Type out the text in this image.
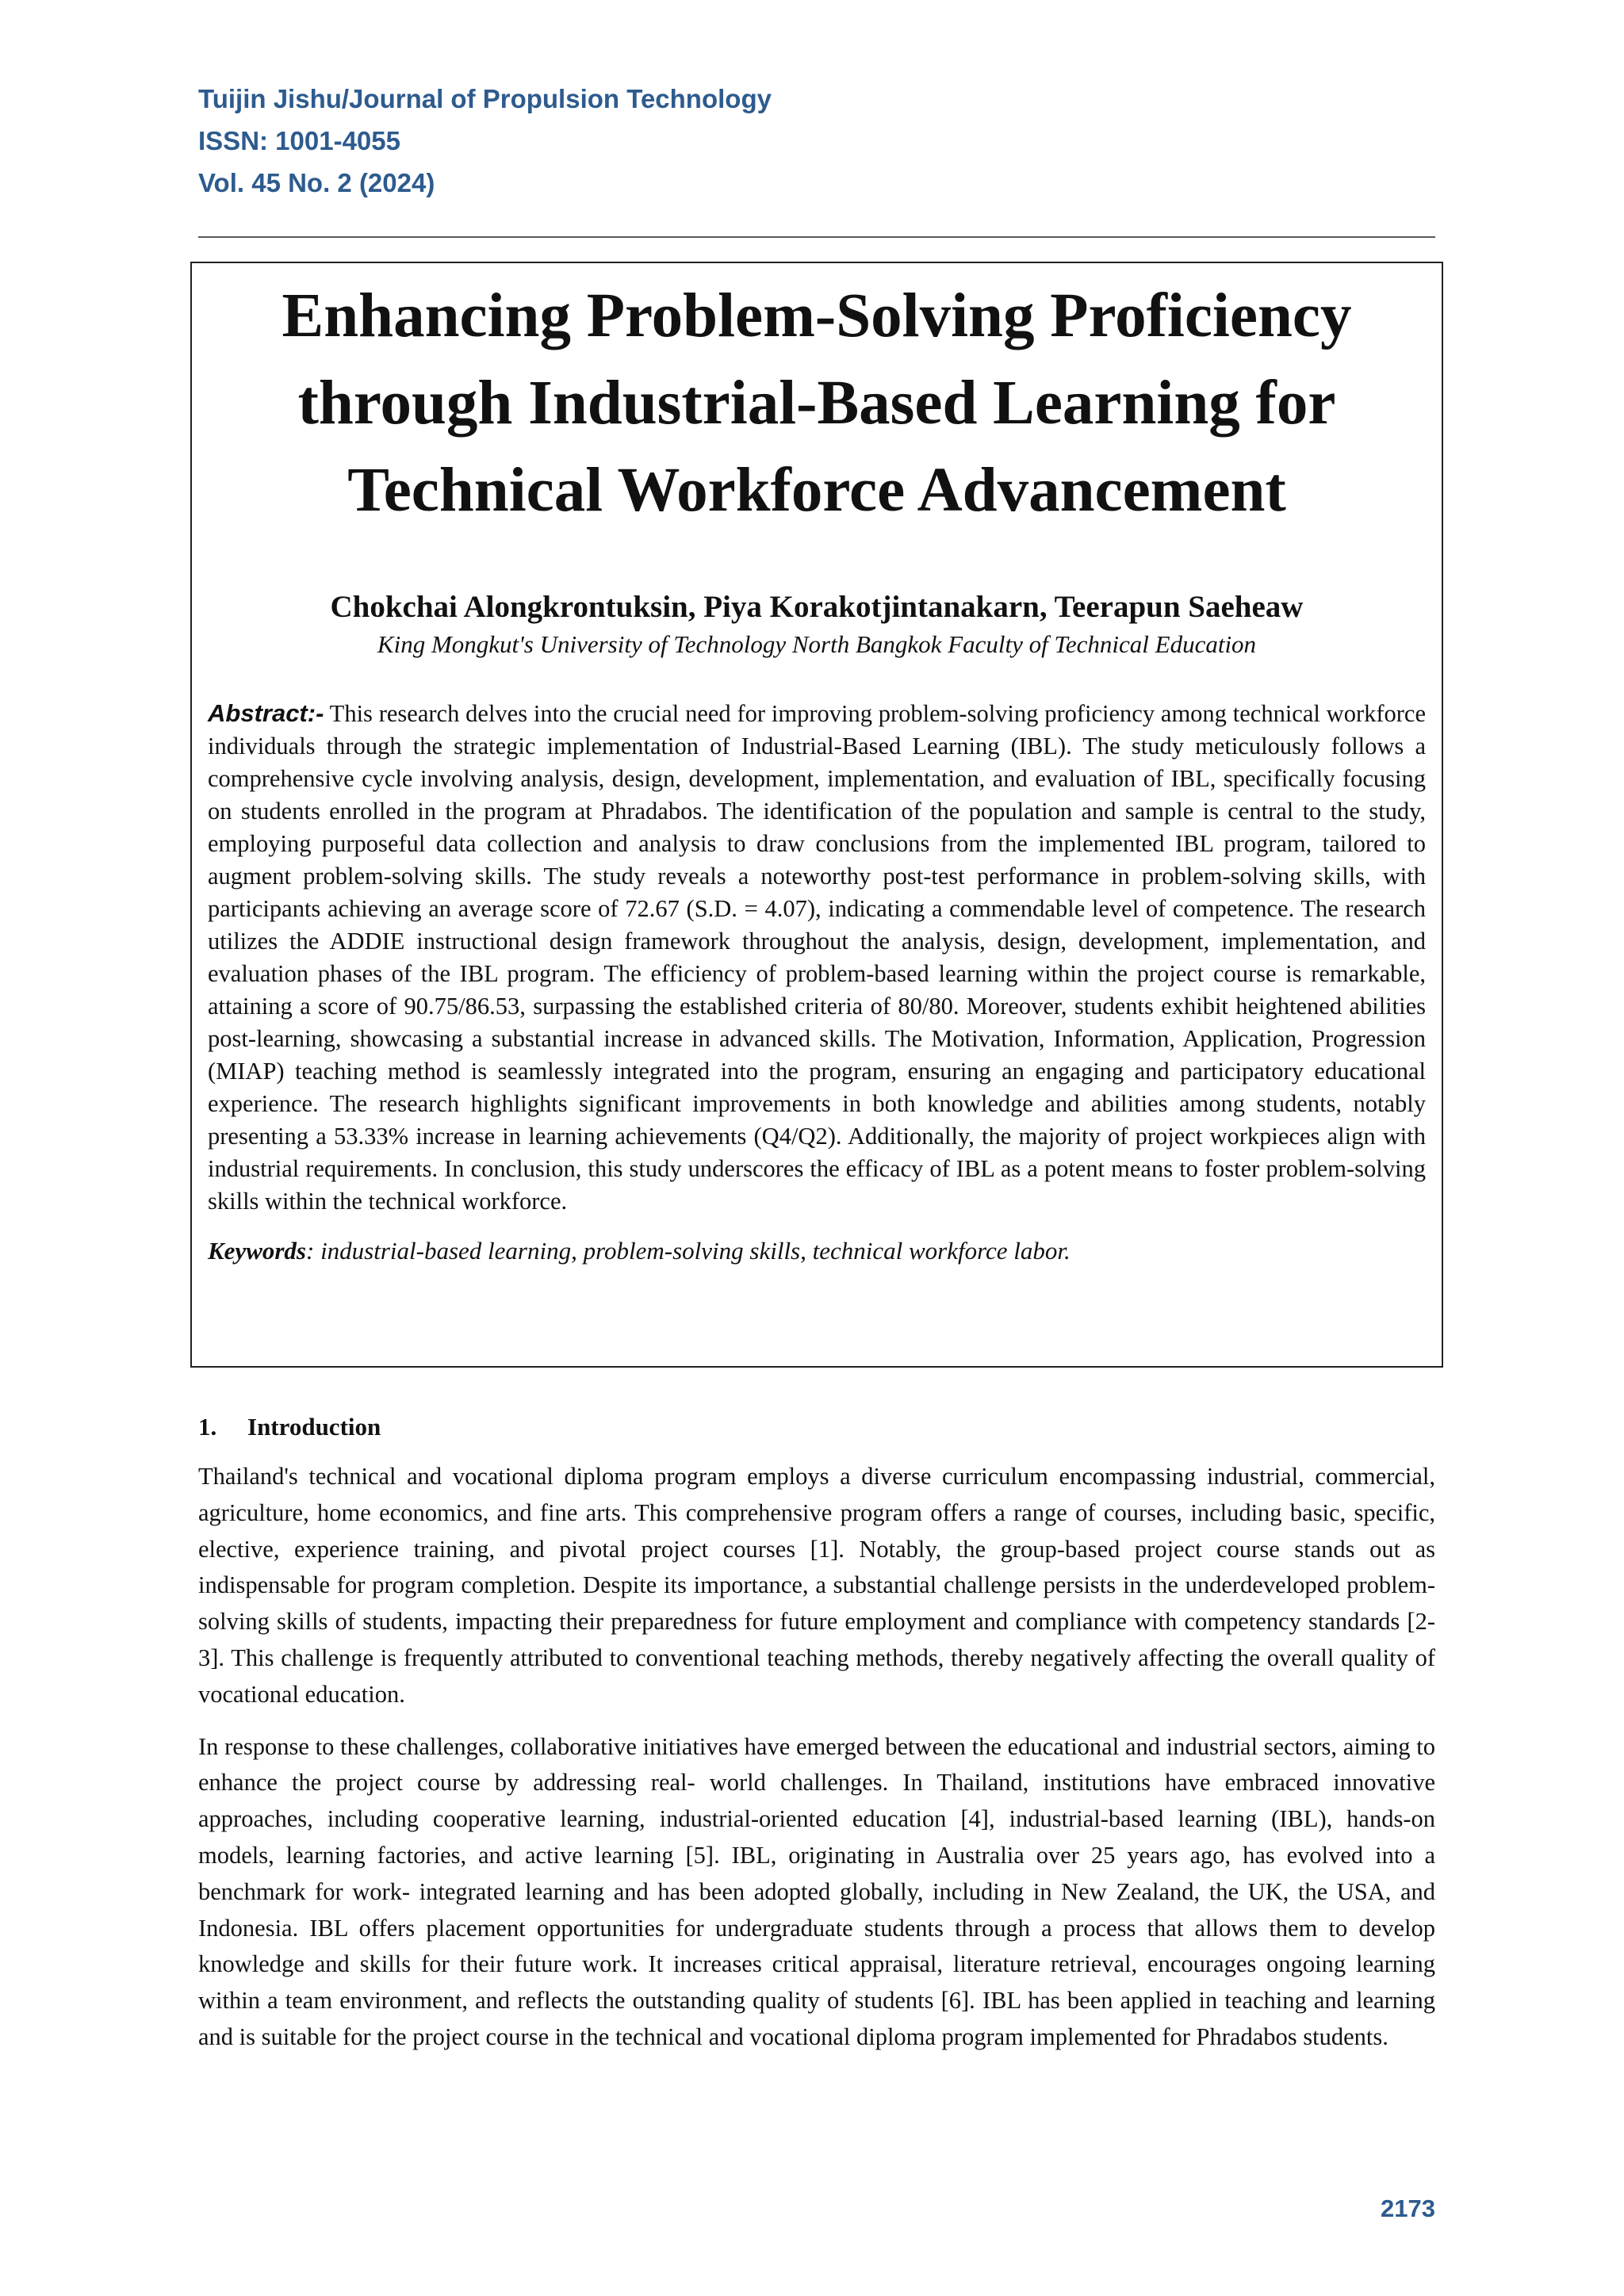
Tuijin Jishu/Journal of Propulsion Technology
ISSN: 1001-4055
Vol. 45 No. 2 (2024)
Enhancing Problem-Solving Proficiency through Industrial-Based Learning for Technical Workforce Advancement
Chokchai Alongkrontuksin, Piya Korakotjintanakarn, Teerapun Saeheaw
King Mongkut's University of Technology North Bangkok Faculty of Technical Education
Abstract:- This research delves into the crucial need for improving problem-solving proficiency among technical workforce individuals through the strategic implementation of Industrial-Based Learning (IBL). The study meticulously follows a comprehensive cycle involving analysis, design, development, implementation, and evaluation of IBL, specifically focusing on students enrolled in the program at Phradabos. The identification of the population and sample is central to the study, employing purposeful data collection and analysis to draw conclusions from the implemented IBL program, tailored to augment problem-solving skills. The study reveals a noteworthy post-test performance in problem-solving skills, with participants achieving an average score of 72.67 (S.D. = 4.07), indicating a commendable level of competence. The research utilizes the ADDIE instructional design framework throughout the analysis, design, development, implementation, and evaluation phases of the IBL program. The efficiency of problem-based learning within the project course is remarkable, attaining a score of 90.75/86.53, surpassing the established criteria of 80/80. Moreover, students exhibit heightened abilities post-learning, showcasing a substantial increase in advanced skills. The Motivation, Information, Application, Progression (MIAP) teaching method is seamlessly integrated into the program, ensuring an engaging and participatory educational experience. The research highlights significant improvements in both knowledge and abilities among students, notably presenting a 53.33% increase in learning achievements (Q4/Q2). Additionally, the majority of project workpieces align with industrial requirements. In conclusion, this study underscores the efficacy of IBL as a potent means to foster problem-solving skills within the technical workforce.
Keywords: industrial-based learning, problem-solving skills, technical workforce labor.
1. Introduction

Thailand's technical and vocational diploma program employs a diverse curriculum encompassing industrial, commercial, agriculture, home economics, and fine arts. This comprehensive program offers a range of courses, including basic, specific, elective, experience training, and pivotal project courses [1]. Notably, the group-based project course stands out as indispensable for program completion. Despite its importance, a substantial challenge persists in the underdeveloped problem-solving skills of students, impacting their preparedness for future employment and compliance with competency standards [2-3]. This challenge is frequently attributed to conventional teaching methods, thereby negatively affecting the overall quality of vocational education.

In response to these challenges, collaborative initiatives have emerged between the educational and industrial sectors, aiming to enhance the project course by addressing real- world challenges. In Thailand, institutions have embraced innovative approaches, including cooperative learning, industrial-oriented education [4], industrial-based learning (IBL), hands-on models, learning factories, and active learning [5]. IBL, originating in Australia over 25 years ago, has evolved into a benchmark for work- integrated learning and has been adopted globally, including in New Zealand, the UK, the USA, and Indonesia. IBL offers placement opportunities for undergraduate students through a process that allows them to develop knowledge and skills for their future work. It increases critical appraisal, literature retrieval, encourages ongoing learning within a team environment, and reflects the outstanding quality of students [6]. IBL has been applied in teaching and learning and is suitable for the project course in the technical and vocational diploma program implemented for Phradabos students.

2173
